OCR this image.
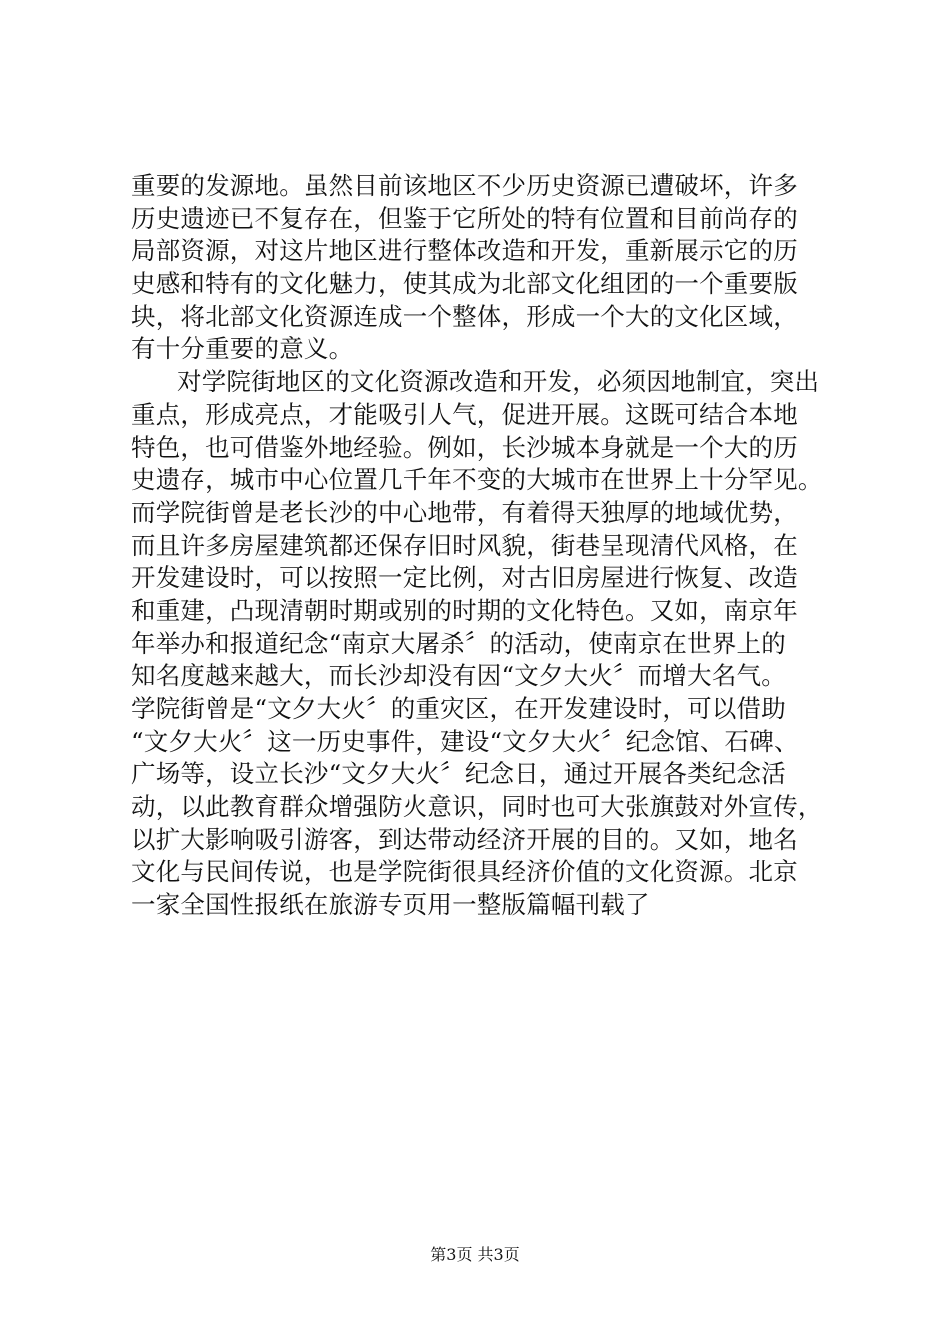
重要的发源地。虽然目前该地区不少历史资源已遭破坏，许多
历史遗迹已不复存在，但鉴于它所处的特有位置和目前尚存的
局部资源，对这片地区进行整体改造和开发，重新展示它的历
史感和特有的文化魅力，使其成为北部文化组团的一个重要版
块，将北部文化资源连成一个整体，形成一个大的文化区域，
有十分重要的意义。
对学院街地区的文化资源改造和开发，必须因地制宜，突出
重点，形成亮点，才能吸引人气，促进开展。这既可结合本地
特色，也可借鉴外地经验。例如，长沙城本身就是一个大的历
史遗存，城市中心位置几千年不变的大城市在世界上十分罕见。
而学院街曾是老长沙的中心地带，有着得天独厚的地域优势，
而且许多房屋建筑都还保存旧时风貌，街巷呈现清代风格，在
开发建设时，可以按照一定比例，对古旧房屋进行恢复、改造
和重建，凸现清朝时期或别的时期的文化特色。又如，南京年
年举办和报道纪念“南京大屠杀〞的活动，使南京在世界上的
知名度越来越大，而长沙却没有因“文夕大火〞而增大名气。
学院街曾是“文夕大火〞的重灾区，在开发建设时，可以借助
“文夕大火〞这一历史事件，建设“文夕大火〞纪念馆、石碑、
广场等，设立长沙“文夕大火〞纪念日，通过开展各类纪念活
动，以此教育群众增强防火意识，同时也可大张旗鼓对外宣传，
以扩大影响吸引游客，到达带动经济开展的目的。又如，地名
文化与民间传说，也是学院街很具经济价值的文化资源。北京
一家全国性报纸在旅游专页用一整版篇幅刊载了
第3页 共3页
